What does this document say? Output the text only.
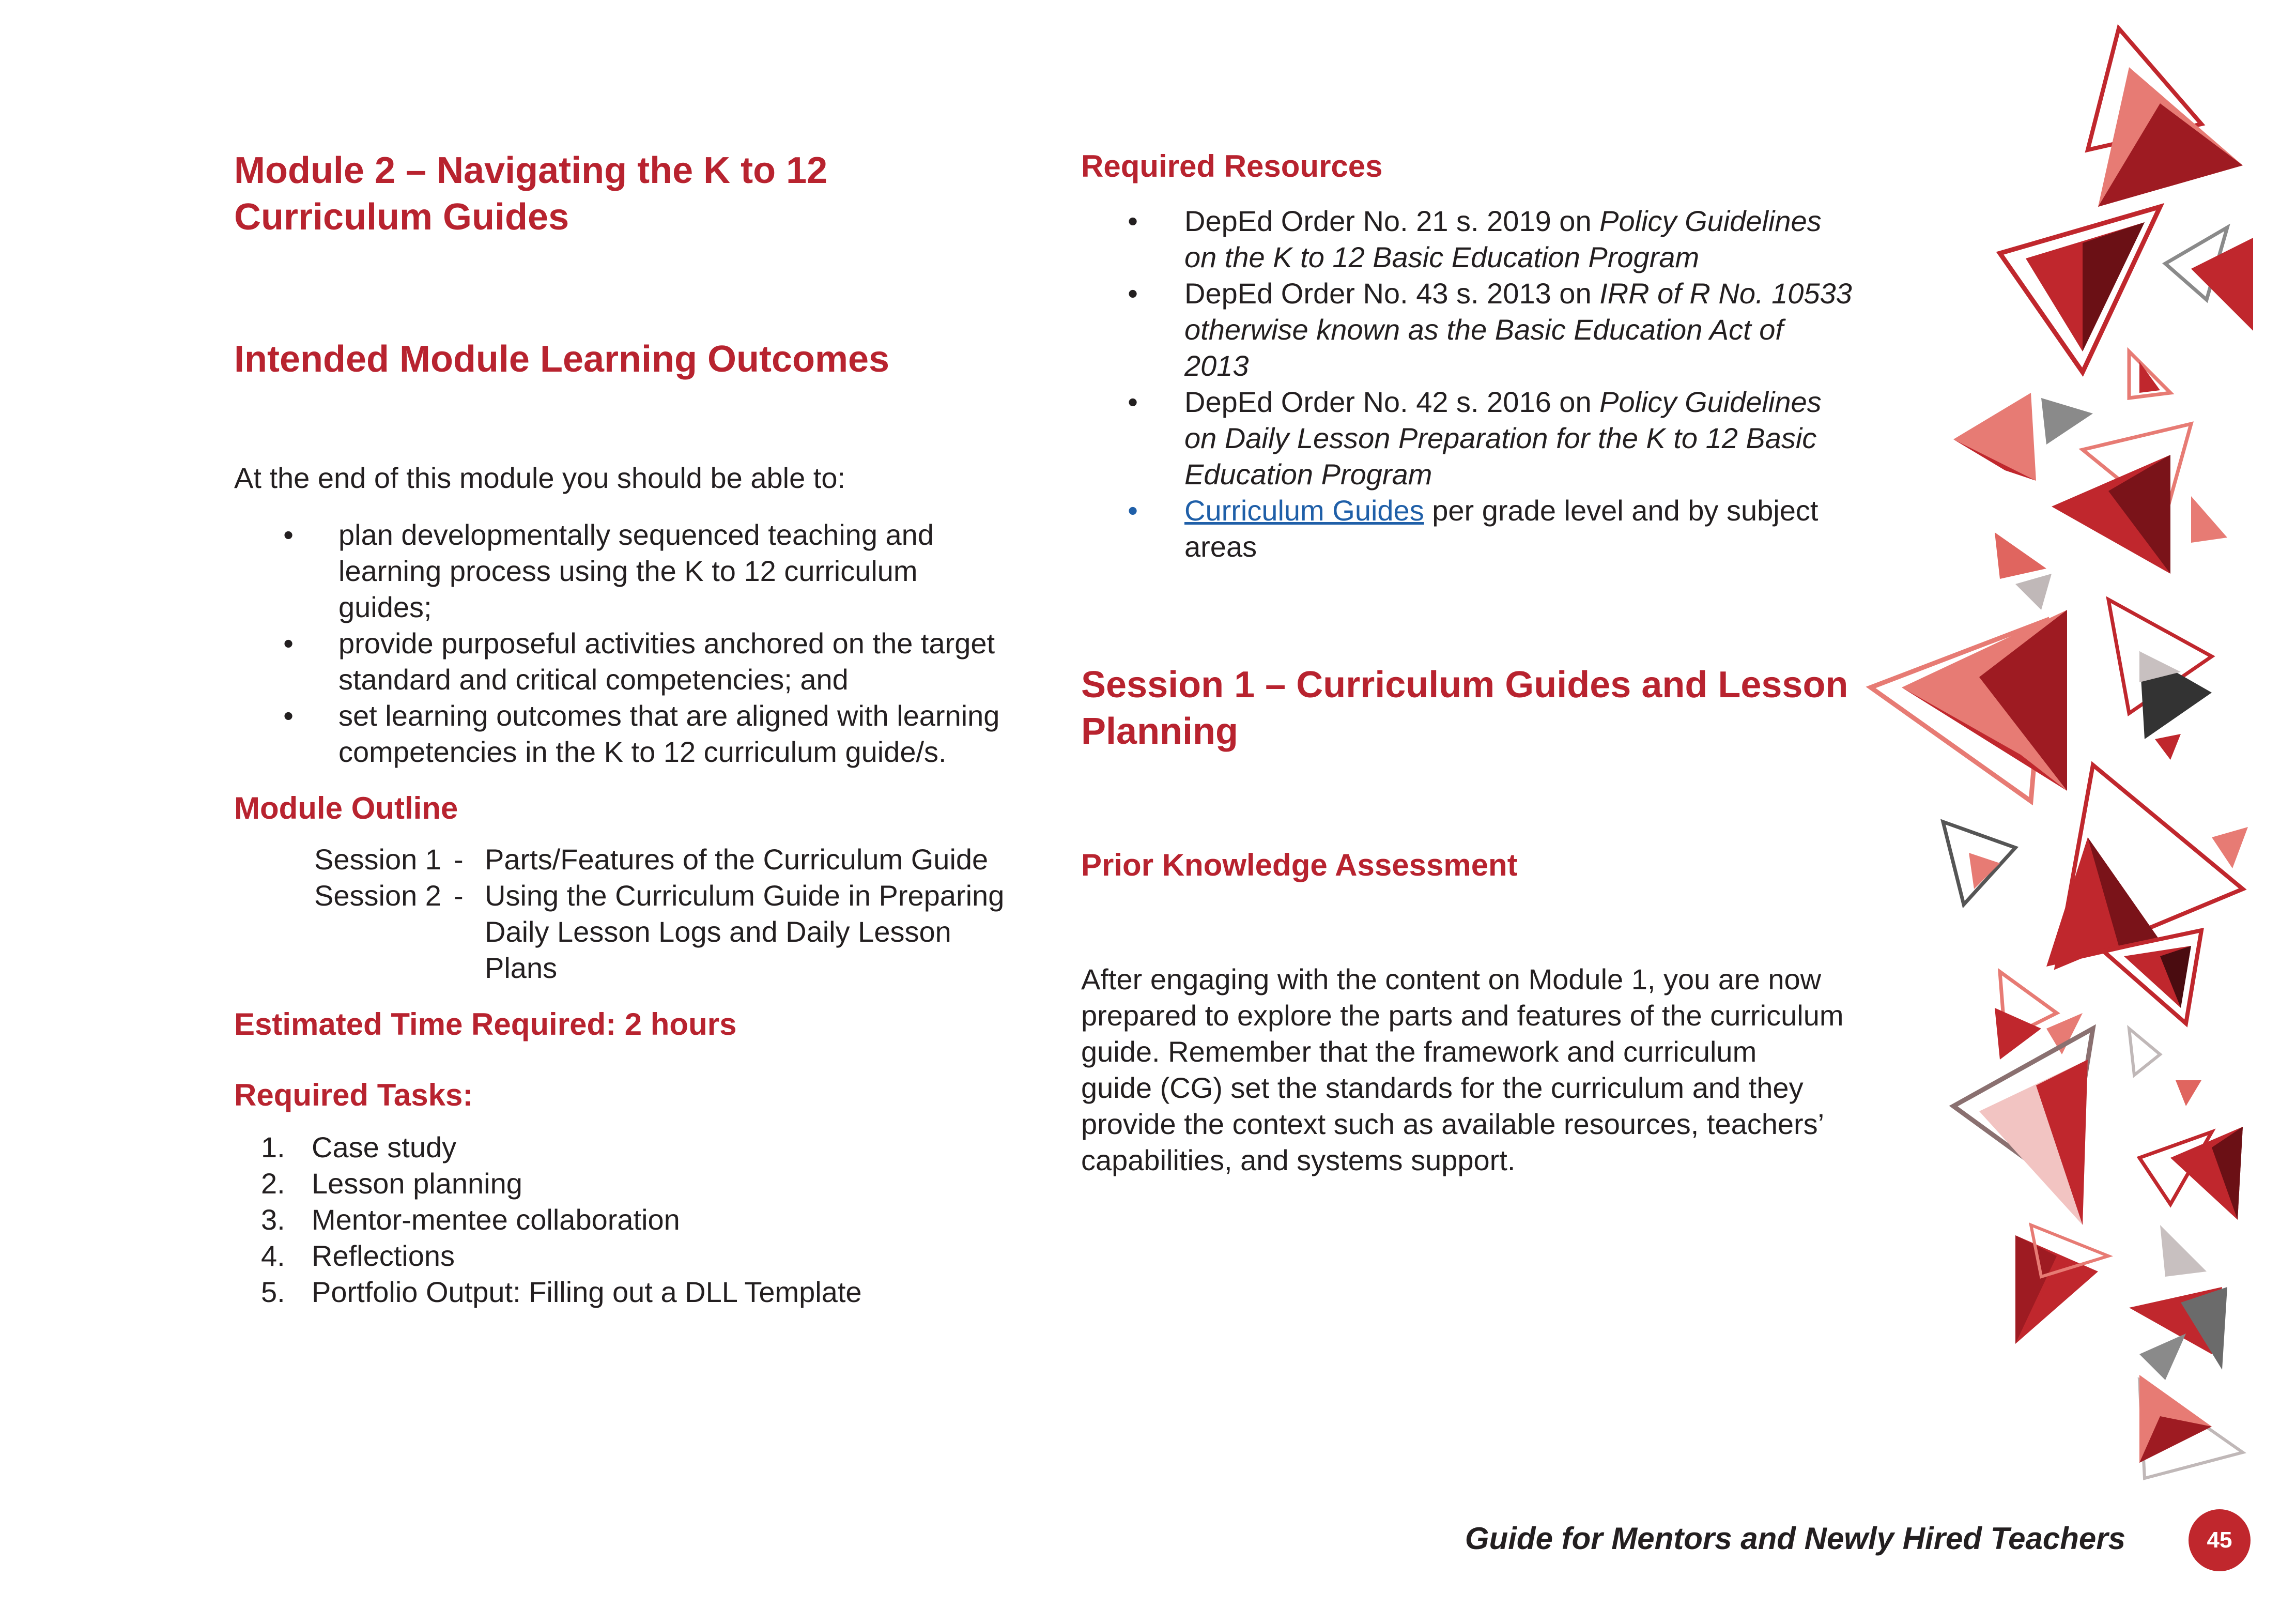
Module 2 – Navigating the K to 12
Curriculum Guides
Intended Module Learning Outcomes

At the end of this module you should be able to:

• plan developmentally sequenced teaching and
learning process using the K to 12 curriculum
guides;
• provide purposeful activities anchored on the target
standard and critical competencies; and
• set learning outcomes that are aligned with learning
competencies in the K to 12 curriculum guide/s.
Module Outline
Session 1 - Parts/Features of the Curriculum Guide
Session 2 - Using the Curriculum Guide in Preparing
Daily Lesson Logs and Daily Lesson
Plans
Estimated Time Required: 2 hours
Required Tasks:
1. Case study
2. Lesson planning
3. Mentor-mentee collaboration
4. Reflections
5. Portfolio Output: Filling out a DLL Template
Required Resources
• DepEd Order No. 21 s. 2019 on Policy Guidelines
on the K to 12 Basic Education Program
• DepEd Order No. 43 s. 2013 on IRR of R No. 10533
otherwise known as the Basic Education Act of
2013
• DepEd Order No. 42 s. 2016 on Policy Guidelines
on Daily Lesson Preparation for the K to 12 Basic
Education Program
• Curriculum Guides per grade level and by subject
areas
Session 1 – Curriculum Guides and Lesson
Planning
Prior Knowledge Assessment
After engaging with the content on Module 1, you are now
prepared to explore the parts and features of the curriculum
guide. Remember that the framework and curriculum
guide (CG) set the standards for the curriculum and they
provide the context such as available resources, teachers’
capabilities, and systems support.
Guide for Mentors and Newly Hired Teachers	45
